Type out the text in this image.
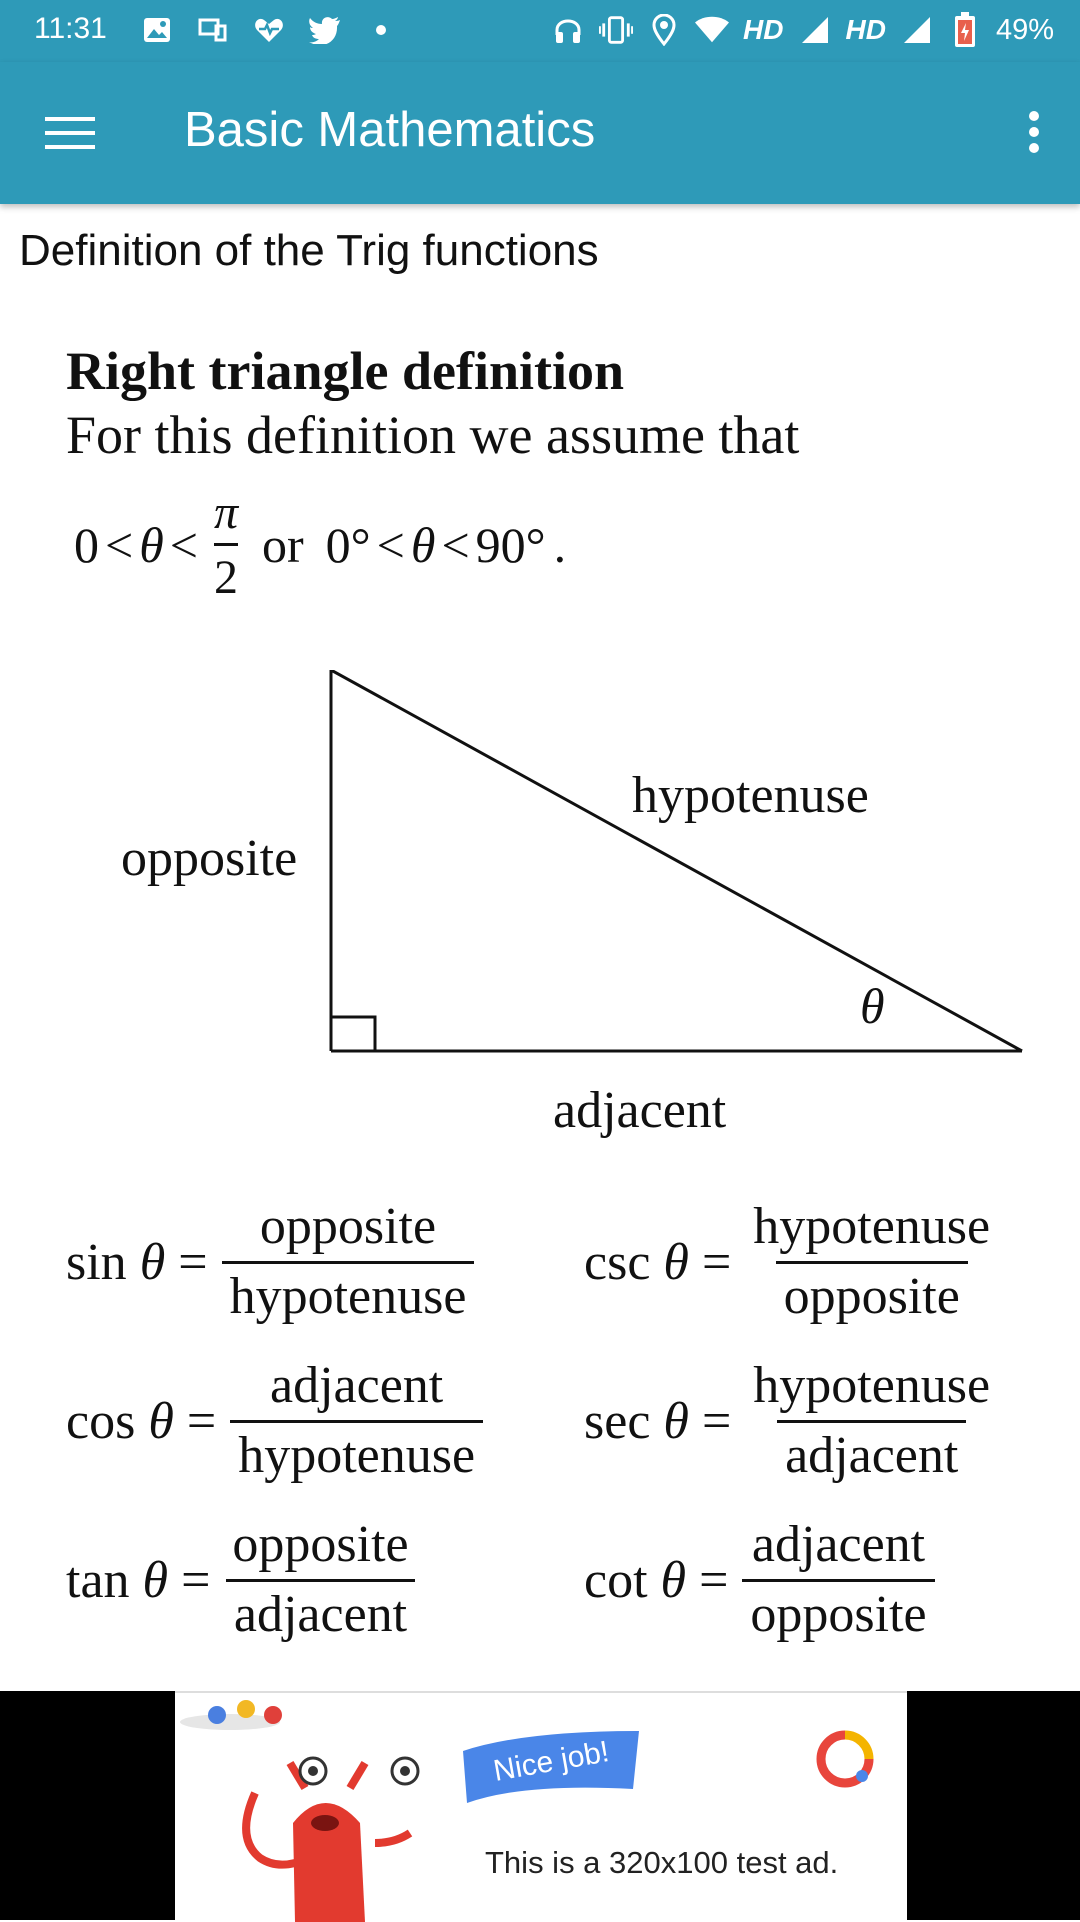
11:31	HD HD	49%
Basic Mathematics
Definition of the Trig functions
Right triangle definition
For this definition we assume that
$0 < \theta < \frac{\pi}{2}$ or 0° < θ < 90° .
opposite
hypotenuse
θ
adjacent
sin θ =
opposite
hypotenuse
csc θ =
hypotenuse
opposite
cos θ =
adjacent
hypotenuse
sec θ =
hypotenuse
adjacent
tan θ =
opposite
adjacent
cot θ =
adjacent
opposite
Nice job!
This is a 320x100 test ad.
